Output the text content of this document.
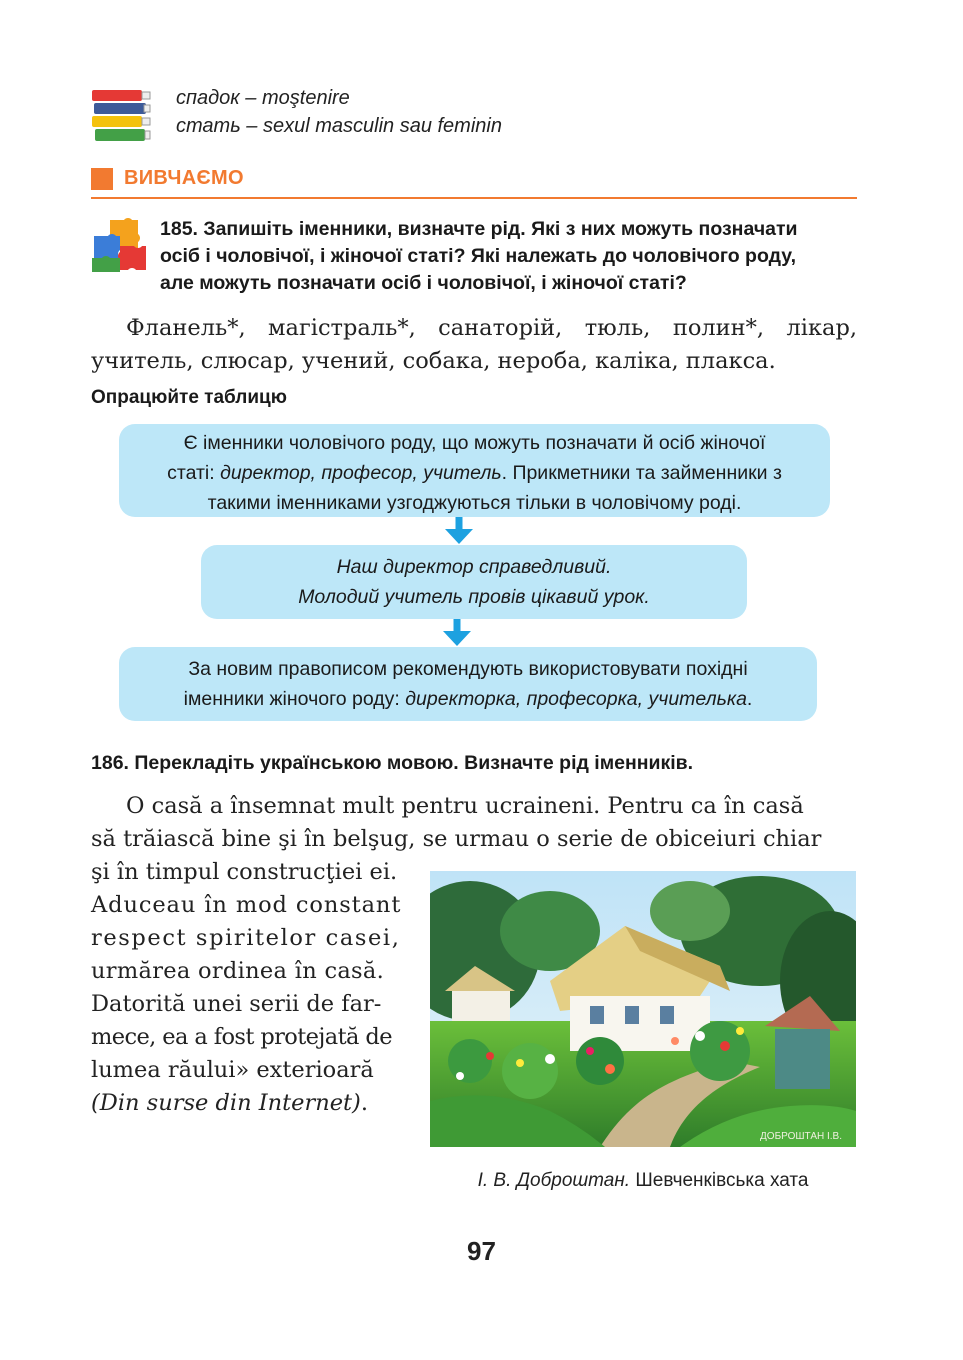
спадок – moştenire
стать – sexul masculin sau feminin
ВИВЧАЄМО
185. Запишіть іменники, визначте рід. Які з них можуть позначати
осіб і чоловічої, і жіночої статі? Які належать до чоловічого роду,
але можуть позначати осіб і чоловічої, і жіночої статі?
Фланель*, магістраль*, санаторій, тюль, полин*, лікар, учитель, слюсар, учений, собака, нероба, каліка, плакса.
Опрацюйте таблицю
Є іменники чоловічого роду, що можуть позначати й осіб жіночої
статі: директор, професор, учитель. Прикметники та займенники з
такими іменниками узгоджуються тільки в чоловічому роді.
Наш директор справедливий.
Молодий учитель провів цікавий урок.
За новим правописом рекомендують використовувати похідні
іменники жіночого роду: директорка, професорка, учителька.
186. Перекладіть українською мовою. Визначте рід іменників.
O casă a însemnat mult pentru ucraineni. Pentru ca în casă
să trăiască bine şi în belşug, se urmau o serie de obiceiuri chiar
şi în timpul construcţiei ei.
Aduceau în mod constant
respect spiritelor casei,
urmărea ordinea în casă.
Datorită unei serii de far-
mece, ea a fost protejată de
lumea răului» exterioară
(Din surse din Internet).
ДОБРОШТАН І.В.
І. В. Доброштан. Шевченківська хата
97
